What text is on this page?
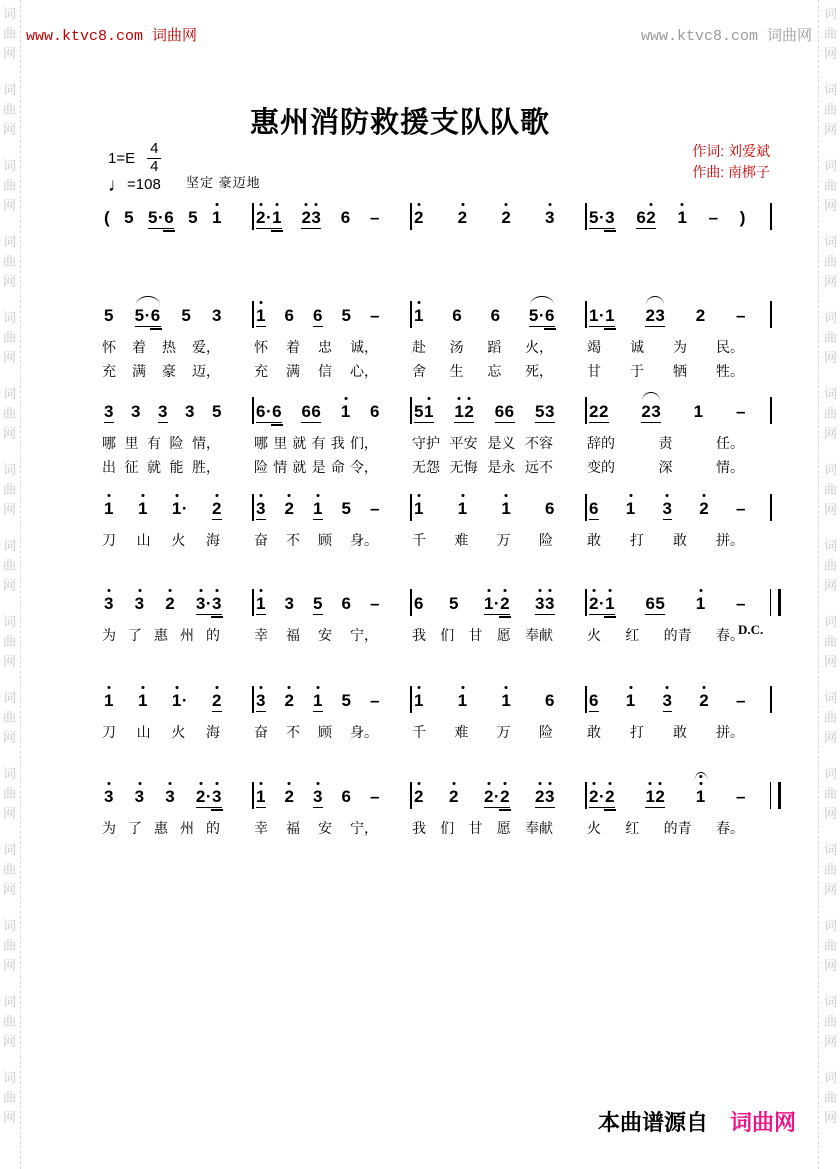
词
曲
网
词
曲
网
词
曲
网
词
曲
网
词
曲
网
词
曲
网
词
曲
网
词
曲
网
词
曲
网
词
曲
网
词
曲
网
词
曲
网
词
曲
网
词
曲
网
词
曲
网
词
曲
网
词
曲
网
词
曲
网
词
曲
网
词
曲
网
词
曲
网
词
曲
网
词
曲
网
词
曲
网
词
曲
网
词
曲
网
词
曲
网
词
曲
网
词
曲
网
词
曲
网
www.ktvc8.com 词曲网	www.ktvc8.com 词曲网
惠州消防救援支队队歌
作词: 刘爱斌
作曲: 南梆子
$1=E \frac{4}{4}$
♩=108 坚定 豪迈地
( 5 5 · 6 5 1 2 · 1 2 3 6 – 2 2 2 3 5 · 3 6 2 1 – )
5 5 · 6 5 3
怀 着 热 爱，
充 满 豪 迈，
1 6 6 5 –
怀 着 忠 诚，
充 满 信 心，
1 6 6 5 · 6
赴 汤 蹈 火，
舍 生 忘 死，
1 · 1 2 3 2 –
竭 诚 为 民。
甘 于 牺 牲。
3 3 3 3 5
哪 里 有 险 情，
出 征 就 能 胜，
6 · 6 6 6 1 6
哪 里 就 有 我 们，
险 情 就 是 命 令，
5 1 1 2 6 6 5 3
守护 平安 是义 不容
无怨 无悔 是永 远不
2 2 2 3 1 –
辞的	责	任。
变的	深	情。
1 1 1 · 2
刀 山 火 海
3 2 1 5 –
奋 不 顾 身。
1 1 1 6
千 难 万 险
6 1 3 2 –
敢 打 敢 拼。
3 3 2 3 · 3
为 了 惠 州 的
1 3 5 6 –
幸 福 安 宁，
6 5 1 · 2 3 3
我 们 甘 愿 奉献
2 · 1 6 5 1 –
火 红 的青 春。
D.C.
1 1 1 · 2
刀 山 火 海
3 2 1 5 –
奋 不 顾 身。
1 1 1 6
千 难 万 险
6 1 3 2 –
敢 打 敢 拼。
3 3 3 2 · 3
为 了 惠 州 的
1 2 3 6 –
幸 福 安 宁，
2 2 2 · 2 2 3
我 们 甘 愿 奉献
2 · 2 1 2 1 –
火 红 的青 春。
本曲谱源自 词曲网
